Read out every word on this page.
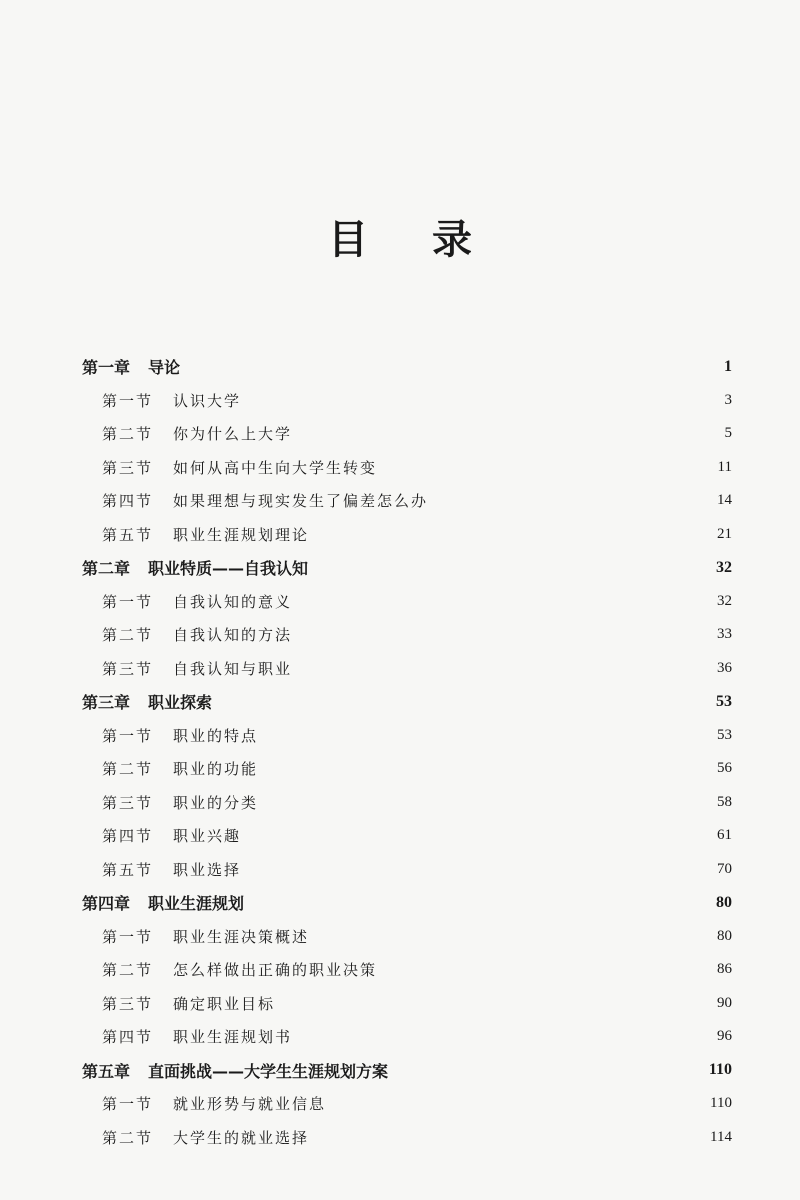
目 录
第一章 导论	1
第一节 认识大学	3
第二节 你为什么上大学	5
第三节 如何从高中生向大学生转变	11
第四节 如果理想与现实发生了偏差怎么办	14
第五节 职业生涯规划理论	21
第二章 职业特质——自我认知	32
第一节 自我认知的意义	32
第二节 自我认知的方法	33
第三节 自我认知与职业	36
第三章 职业探索	53
第一节 职业的特点	53
第二节 职业的功能	56
第三节 职业的分类	58
第四节 职业兴趣	61
第五节 职业选择	70
第四章 职业生涯规划	80
第一节 职业生涯决策概述	80
第二节 怎么样做出正确的职业决策	86
第三节 确定职业目标	90
第四节 职业生涯规划书	96
第五章 直面挑战——大学生生涯规划方案	110
第一节 就业形势与就业信息	110
第二节 大学生的就业选择	114
